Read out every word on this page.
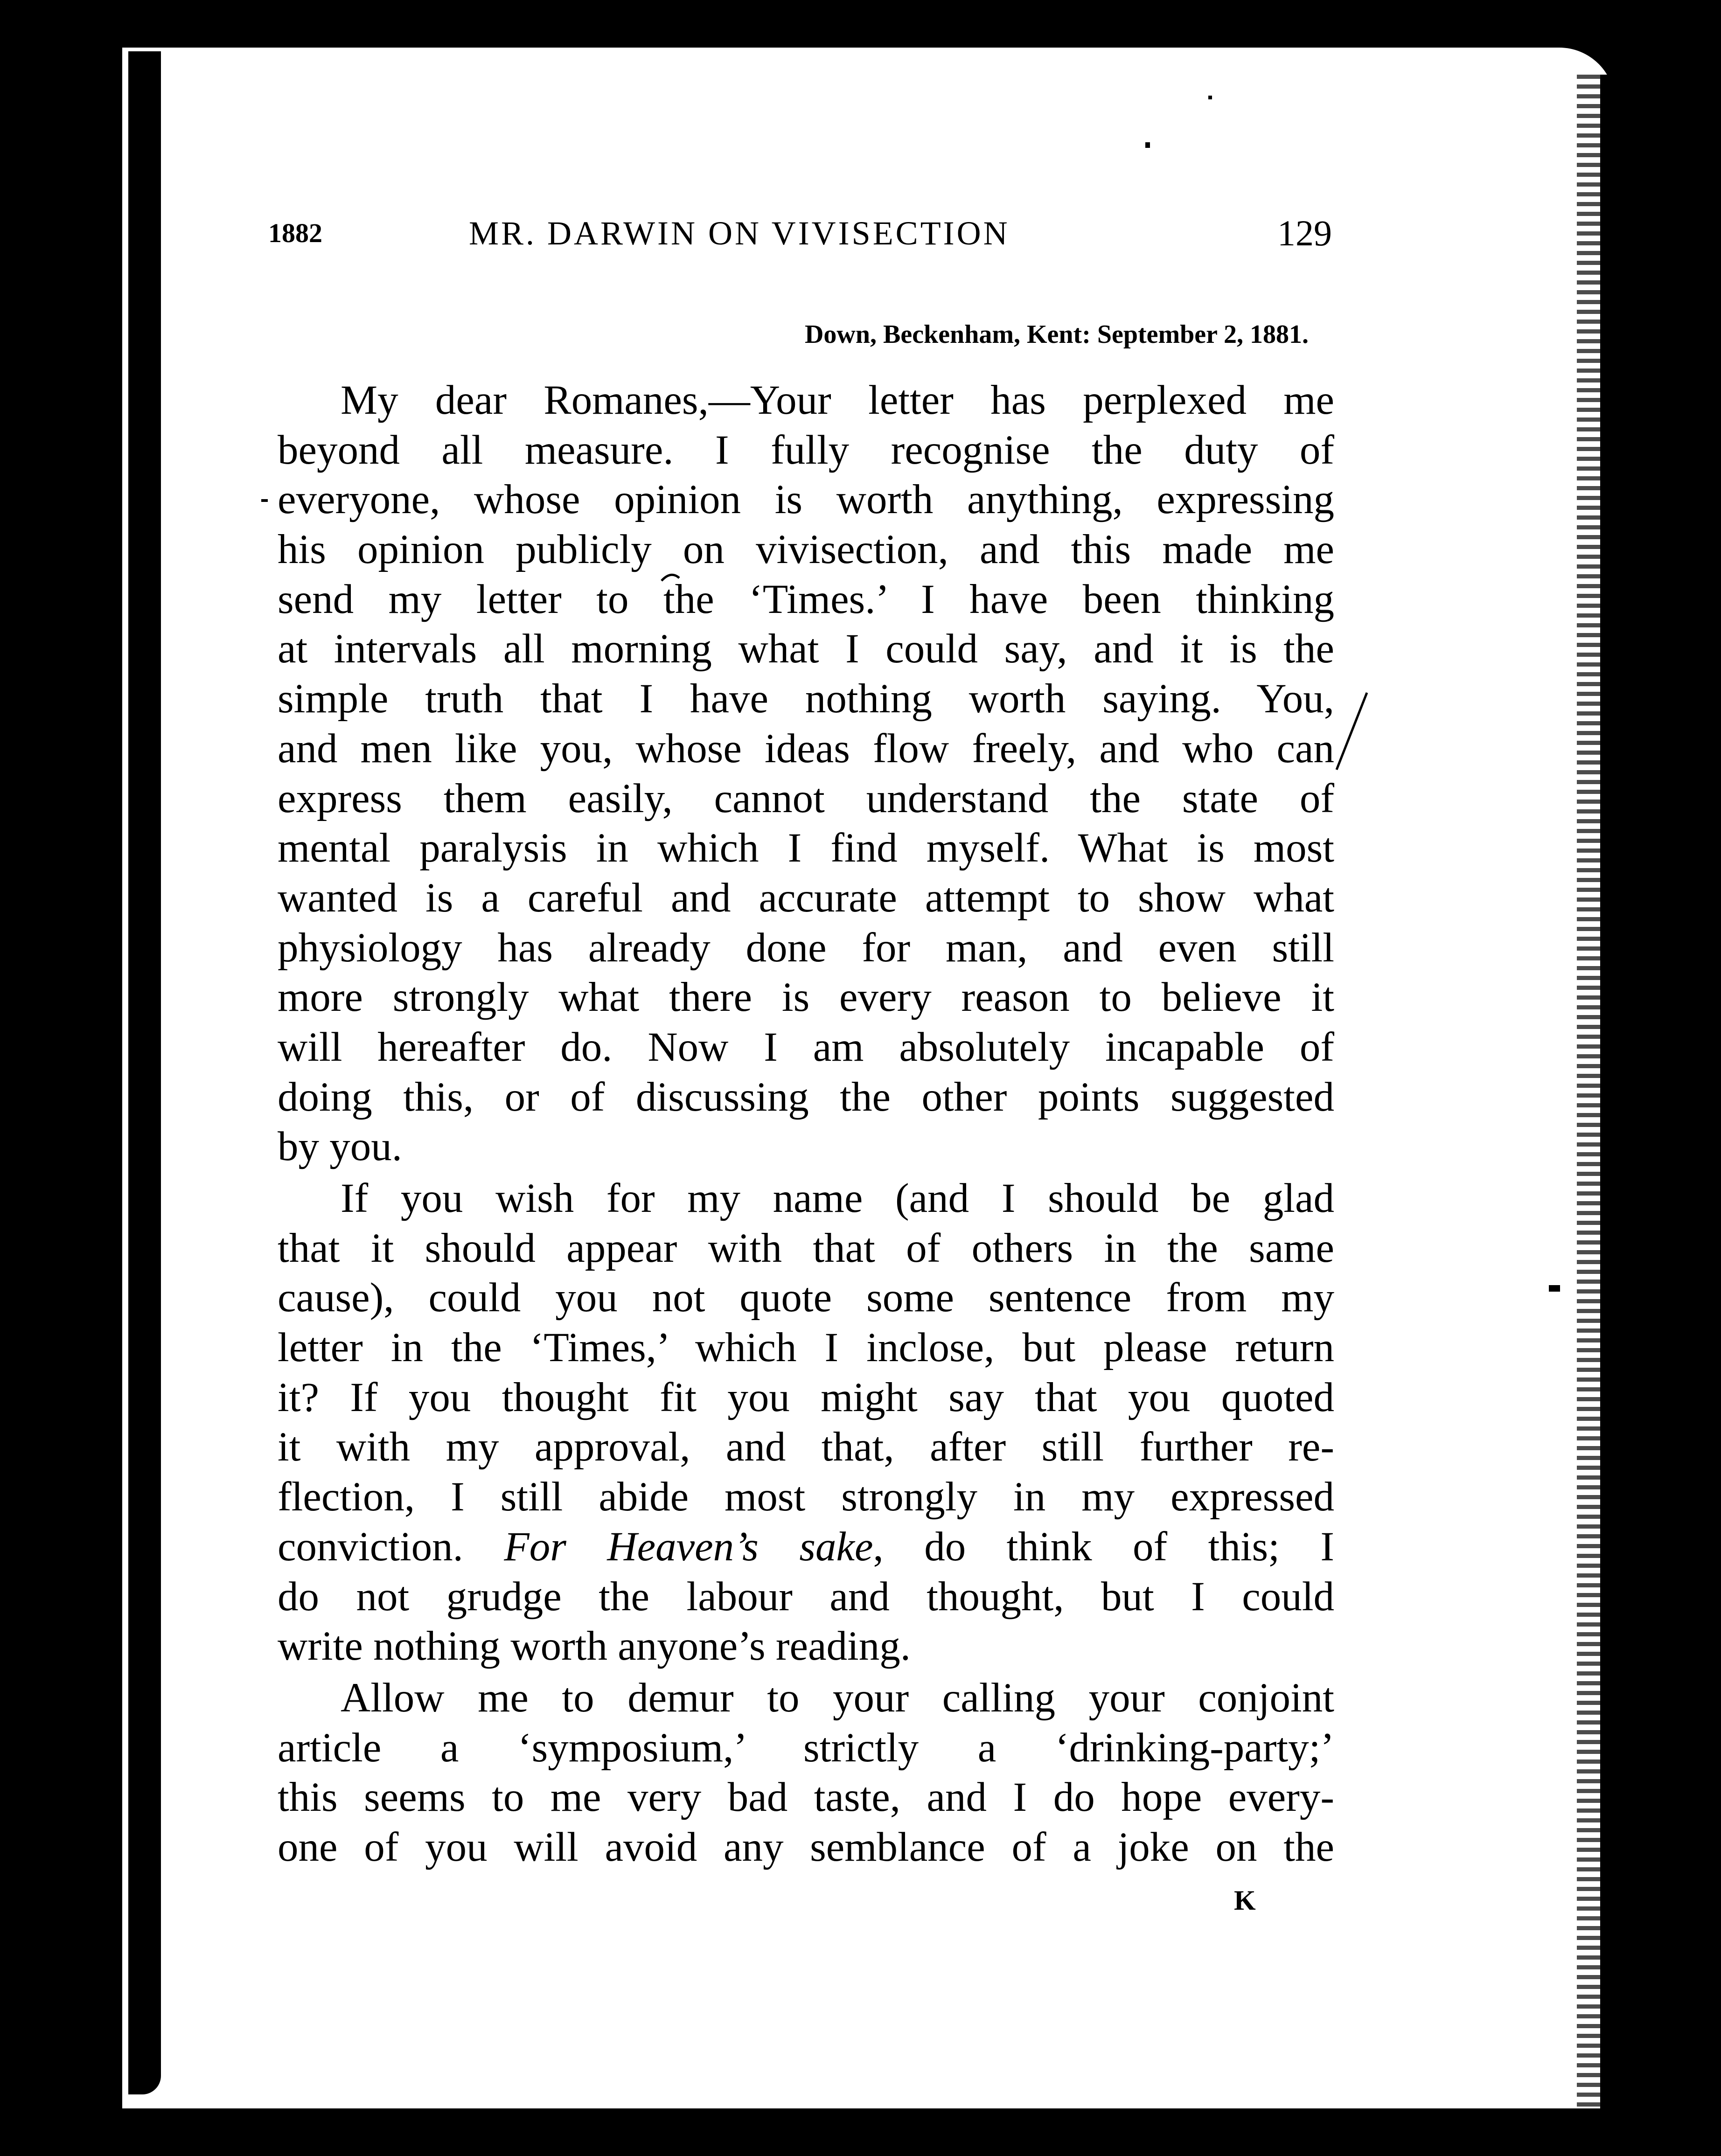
1882	MR. DARWIN ON VIVISECTION	129
Down, Beckenham, Kent: September 2, 1881.

My dear Romanes,—Your letter has perplexed me
beyond all measure. I fully recognise the duty of
everyone, whose opinion is worth anything, expressing
his opinion publicly on vivisection, and this made me
send my letter to the ‘Times.’ I have been thinking
at intervals all morning what I could say, and it is the
simple truth that I have nothing worth saying. You,
and men like you, whose ideas flow freely, and who can
express them easily, cannot understand the state of
mental paralysis in which I find myself. What is most
wanted is a careful and accurate attempt to show what
physiology has already done for man, and even still
more strongly what there is every reason to believe it
will hereafter do. Now I am absolutely incapable of
doing this, or of discussing the other points suggested
by you.

If you wish for my name (and I should be glad
that it should appear with that of others in the same
cause), could you not quote some sentence from my
letter in the ‘Times,’ which I inclose, but please return
it? If you thought fit you might say that you quoted
it with my approval, and that, after still further re-
flection, I still abide most strongly in my expressed
conviction. For Heaven’s sake, do think of this; I
do not grudge the labour and thought, but I could
write nothing worth anyone’s reading.

Allow me to demur to your calling your conjoint
article a ‘symposium,’ strictly a ‘drinking-party;’
this seems to me very bad taste, and I do hope every-
one of you will avoid any semblance of a joke on the

K
